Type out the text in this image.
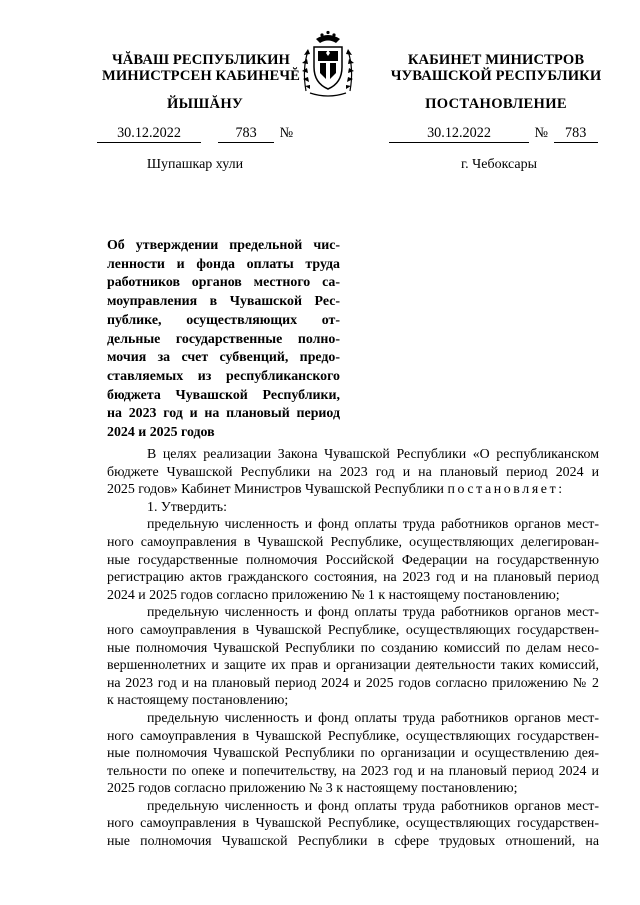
ЧĂВАШ РЕСПУБЛИКИН
МИНИСТРСЕН КАБИНЕЧĔ
КАБИНЕТ МИНИСТРОВ
ЧУВАШСКОЙ РЕСПУБЛИКИ
ЙЫШĂНУ	ПОСТАНОВЛЕНИЕ
30.12.2022	783 №	30.12.2022	№ 783
Шупашкар хули	г. Чебоксары
Об утверждении предельной чис-
ленности и фонда оплаты труда
работников органов местного са-
моуправления в Чувашской Рес-
публике, осуществляющих от-
дельные государственные полно-
мочия за счет субвенций, предо-
ставляемых из республиканского
бюджета Чувашской Республики,
на 2023 год и на плановый период
2024 и 2025 годов
В целях реализации Закона Чувашской Республики «О республиканском
бюджете Чувашской Республики на 2023 год и на плановый период 2024 и
2025 годов» Кабинет Министров Чувашской Республики постановляет:
1. Утвердить:
предельную численность и фонд оплаты труда работников органов мест-
ного самоуправления в Чувашской Республике, осуществляющих делегирован-
ные государственные полномочия Российской Федерации на государственную
регистрацию актов гражданского состояния, на 2023 год и на плановый период
2024 и 2025 годов согласно приложению № 1 к настоящему постановлению;
предельную численность и фонд оплаты труда работников органов мест-
ного самоуправления в Чувашской Республике, осуществляющих государствен-
ные полномочия Чувашской Республики по созданию комиссий по делам несо-
вершеннолетних и защите их прав и организации деятельности таких комиссий,
на 2023 год и на плановый период 2024 и 2025 годов согласно приложению № 2
к настоящему постановлению;
предельную численность и фонд оплаты труда работников органов мест-
ного самоуправления в Чувашской Республике, осуществляющих государствен-
ные полномочия Чувашской Республики по организации и осуществлению дея-
тельности по опеке и попечительству, на 2023 год и на плановый период 2024 и
2025 годов согласно приложению № 3 к настоящему постановлению;
предельную численность и фонд оплаты труда работников органов мест-
ного самоуправления в Чувашской Республике, осуществляющих государствен-
ные полномочия Чувашской Республики в сфере трудовых отношений, на
